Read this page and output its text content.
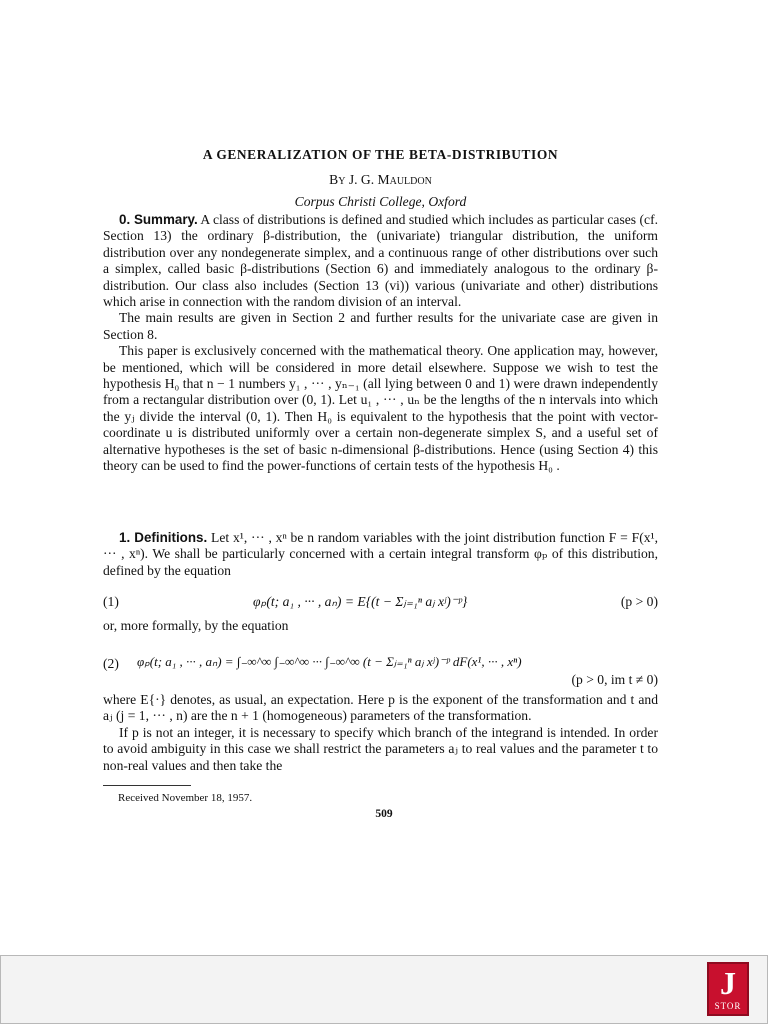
A GENERALIZATION OF THE BETA-DISTRIBUTION
By J. G. Mauldon
Corpus Christi College, Oxford

0. Summary. A class of distributions is defined and studied which includes as particular cases (cf. Section 13) the ordinary β-distribution, the (univariate) triangular distribution, the uniform distribution over any nondegenerate simplex, and a continuous range of other distributions over such a simplex, called basic β-distributions (Section 6) and immediately analogous to the ordinary β-distribution. Our class also includes (Section 13 (vi)) various (univariate and other) distributions which arise in connection with the random division of an interval.

The main results are given in Section 2 and further results for the univariate case are given in Section 8.

This paper is exclusively concerned with the mathematical theory. One application may, however, be mentioned, which will be considered in more detail elsewhere. Suppose we wish to test the hypothesis H₀ that n − 1 numbers y₁ , ··· , yₙ₋₁ (all lying between 0 and 1) were drawn independently from a rectangular distribution over (0, 1). Let u₁ , ··· , uₙ be the lengths of the n intervals into which the yⱼ divide the interval (0, 1). Then H₀ is equivalent to the hypothesis that the point with vector-coordinate u is distributed uniformly over a certain non-degenerate simplex S, and a useful set of alternative hypotheses is the set of basic n-dimensional β-distributions. Hence (using Section 4) this theory can be used to find the power-functions of certain tests of the hypothesis H₀ .

1. Definitions. Let x¹, ··· , xⁿ be n random variables with the joint distribution function F = F(x¹, ··· , xⁿ). We shall be particularly concerned with a certain integral transform φₚ of this distribution, defined by the equation

(1)	φₚ(t; a₁ , ··· , aₙ) = E{(t − Σⱼ₌₁ⁿ aⱼ xʲ)⁻ᵖ}	(p > 0)
or, more formally, by the equation
(2) φₚ(t; a₁ , ··· , aₙ) = ∫₋∞^∞ ∫₋∞^∞ ··· ∫₋∞^∞ (t − Σⱼ₌₁ⁿ aⱼ xʲ)⁻ᵖ dF(x¹, ··· , xⁿ)
(p > 0, im t ≠ 0)

where E{·} denotes, as usual, an expectation. Here p is the exponent of the transformation and t and aⱼ (j = 1, ··· , n) are the n + 1 (homogeneous) parameters of the transformation.

If p is not an integer, it is necessary to specify which branch of the integrand is intended. In order to avoid ambiguity in this case we shall restrict the parameters aⱼ to real values and the parameter t to non-real values and then take the

Received November 18, 1957.
509
J
STOR
